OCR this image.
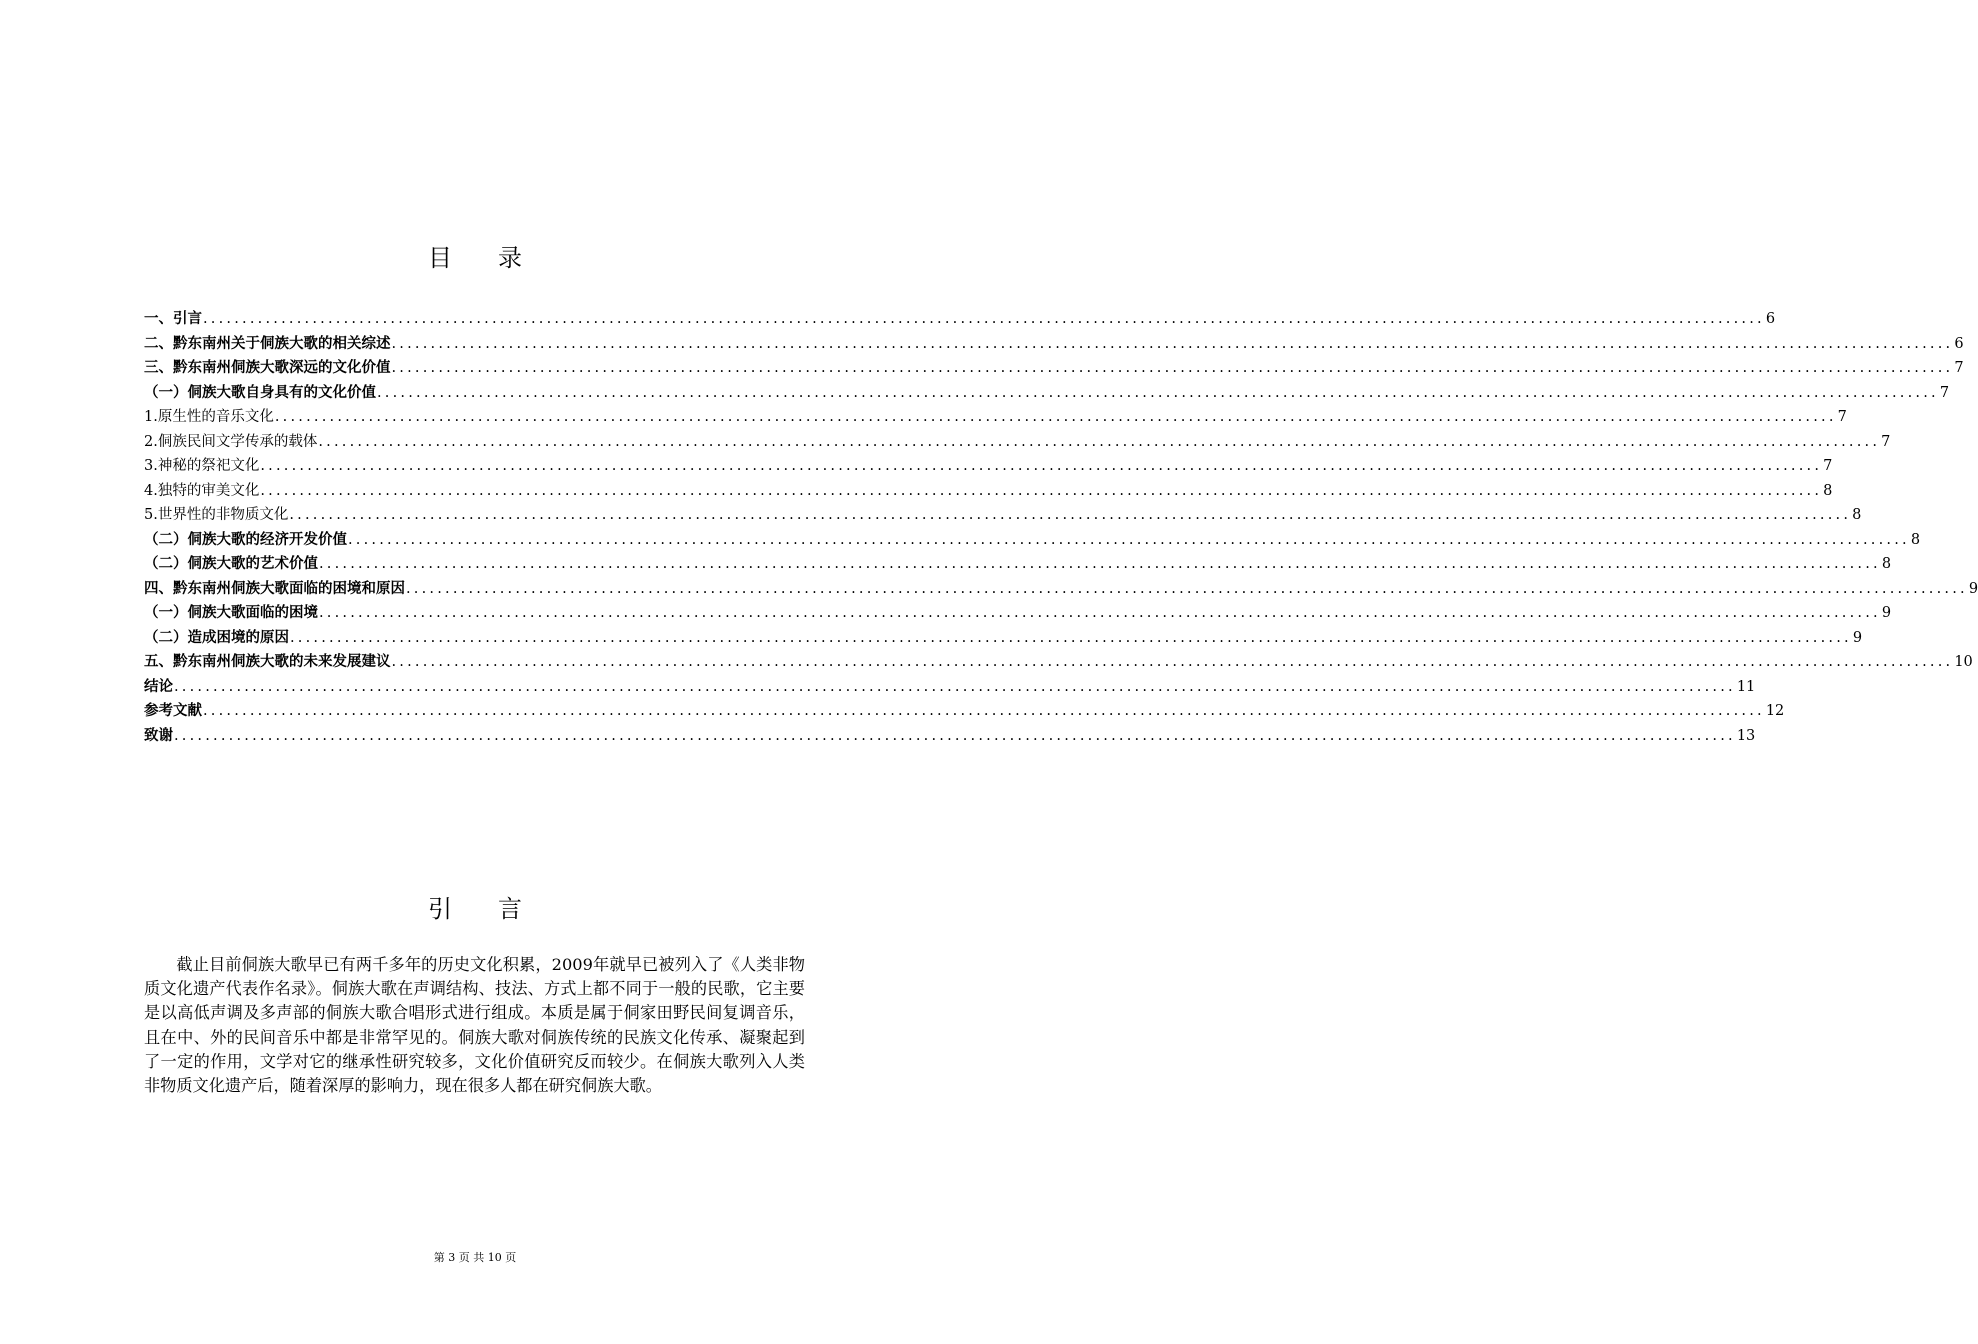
目 录
一、引言 ........................................................................................................................................................................................................ 6
二、黔东南州关于侗族大歌的相关综述 ........................................................................................................................................................................................................ 6
三、黔东南州侗族大歌深远的文化价值 ........................................................................................................................................................................................................ 7
（一）侗族大歌自身具有的文化价值 ........................................................................................................................................................................................................ 7
1.原生性的音乐文化 ........................................................................................................................................................................................................ 7
2.侗族民间文学传承的载体 ........................................................................................................................................................................................................ 7
3.神秘的祭祀文化 ........................................................................................................................................................................................................ 7
4.独特的审美文化 ........................................................................................................................................................................................................ 8
5.世界性的非物质文化 ........................................................................................................................................................................................................ 8
（二）侗族大歌的经济开发价值 ........................................................................................................................................................................................................ 8
（二）侗族大歌的艺术价值 ........................................................................................................................................................................................................ 8
四、黔东南州侗族大歌面临的困境和原因 ........................................................................................................................................................................................................ 9
（一）侗族大歌面临的困境 ........................................................................................................................................................................................................ 9
（二）造成困境的原因 ........................................................................................................................................................................................................ 9
五、黔东南州侗族大歌的未来发展建议 ........................................................................................................................................................................................................ 10
结论 ........................................................................................................................................................................................................ 11
参考文献 ........................................................................................................................................................................................................ 12
致谢 ........................................................................................................................................................................................................ 13
引 言
截止目前侗族大歌早已有两千多年的历史文化积累，2009年就早已被列入了《人类非物质文化遗产代表作名录》。侗族大歌在声调结构、技法、方式上都不同于一般的民歌，它主要是以高低声调及多声部的侗族大歌合唱形式进行组成。本质是属于侗家田野民间复调音乐，且在中、外的民间音乐中都是非常罕见的。侗族大歌对侗族传统的民族文化传承、凝聚起到了一定的作用，文学对它的继承性研究较多，文化价值研究反而较少。在侗族大歌列入人类非物质文化遗产后，随着深厚的影响力，现在很多人都在研究侗族大歌。
第 3 页 共 10 页
